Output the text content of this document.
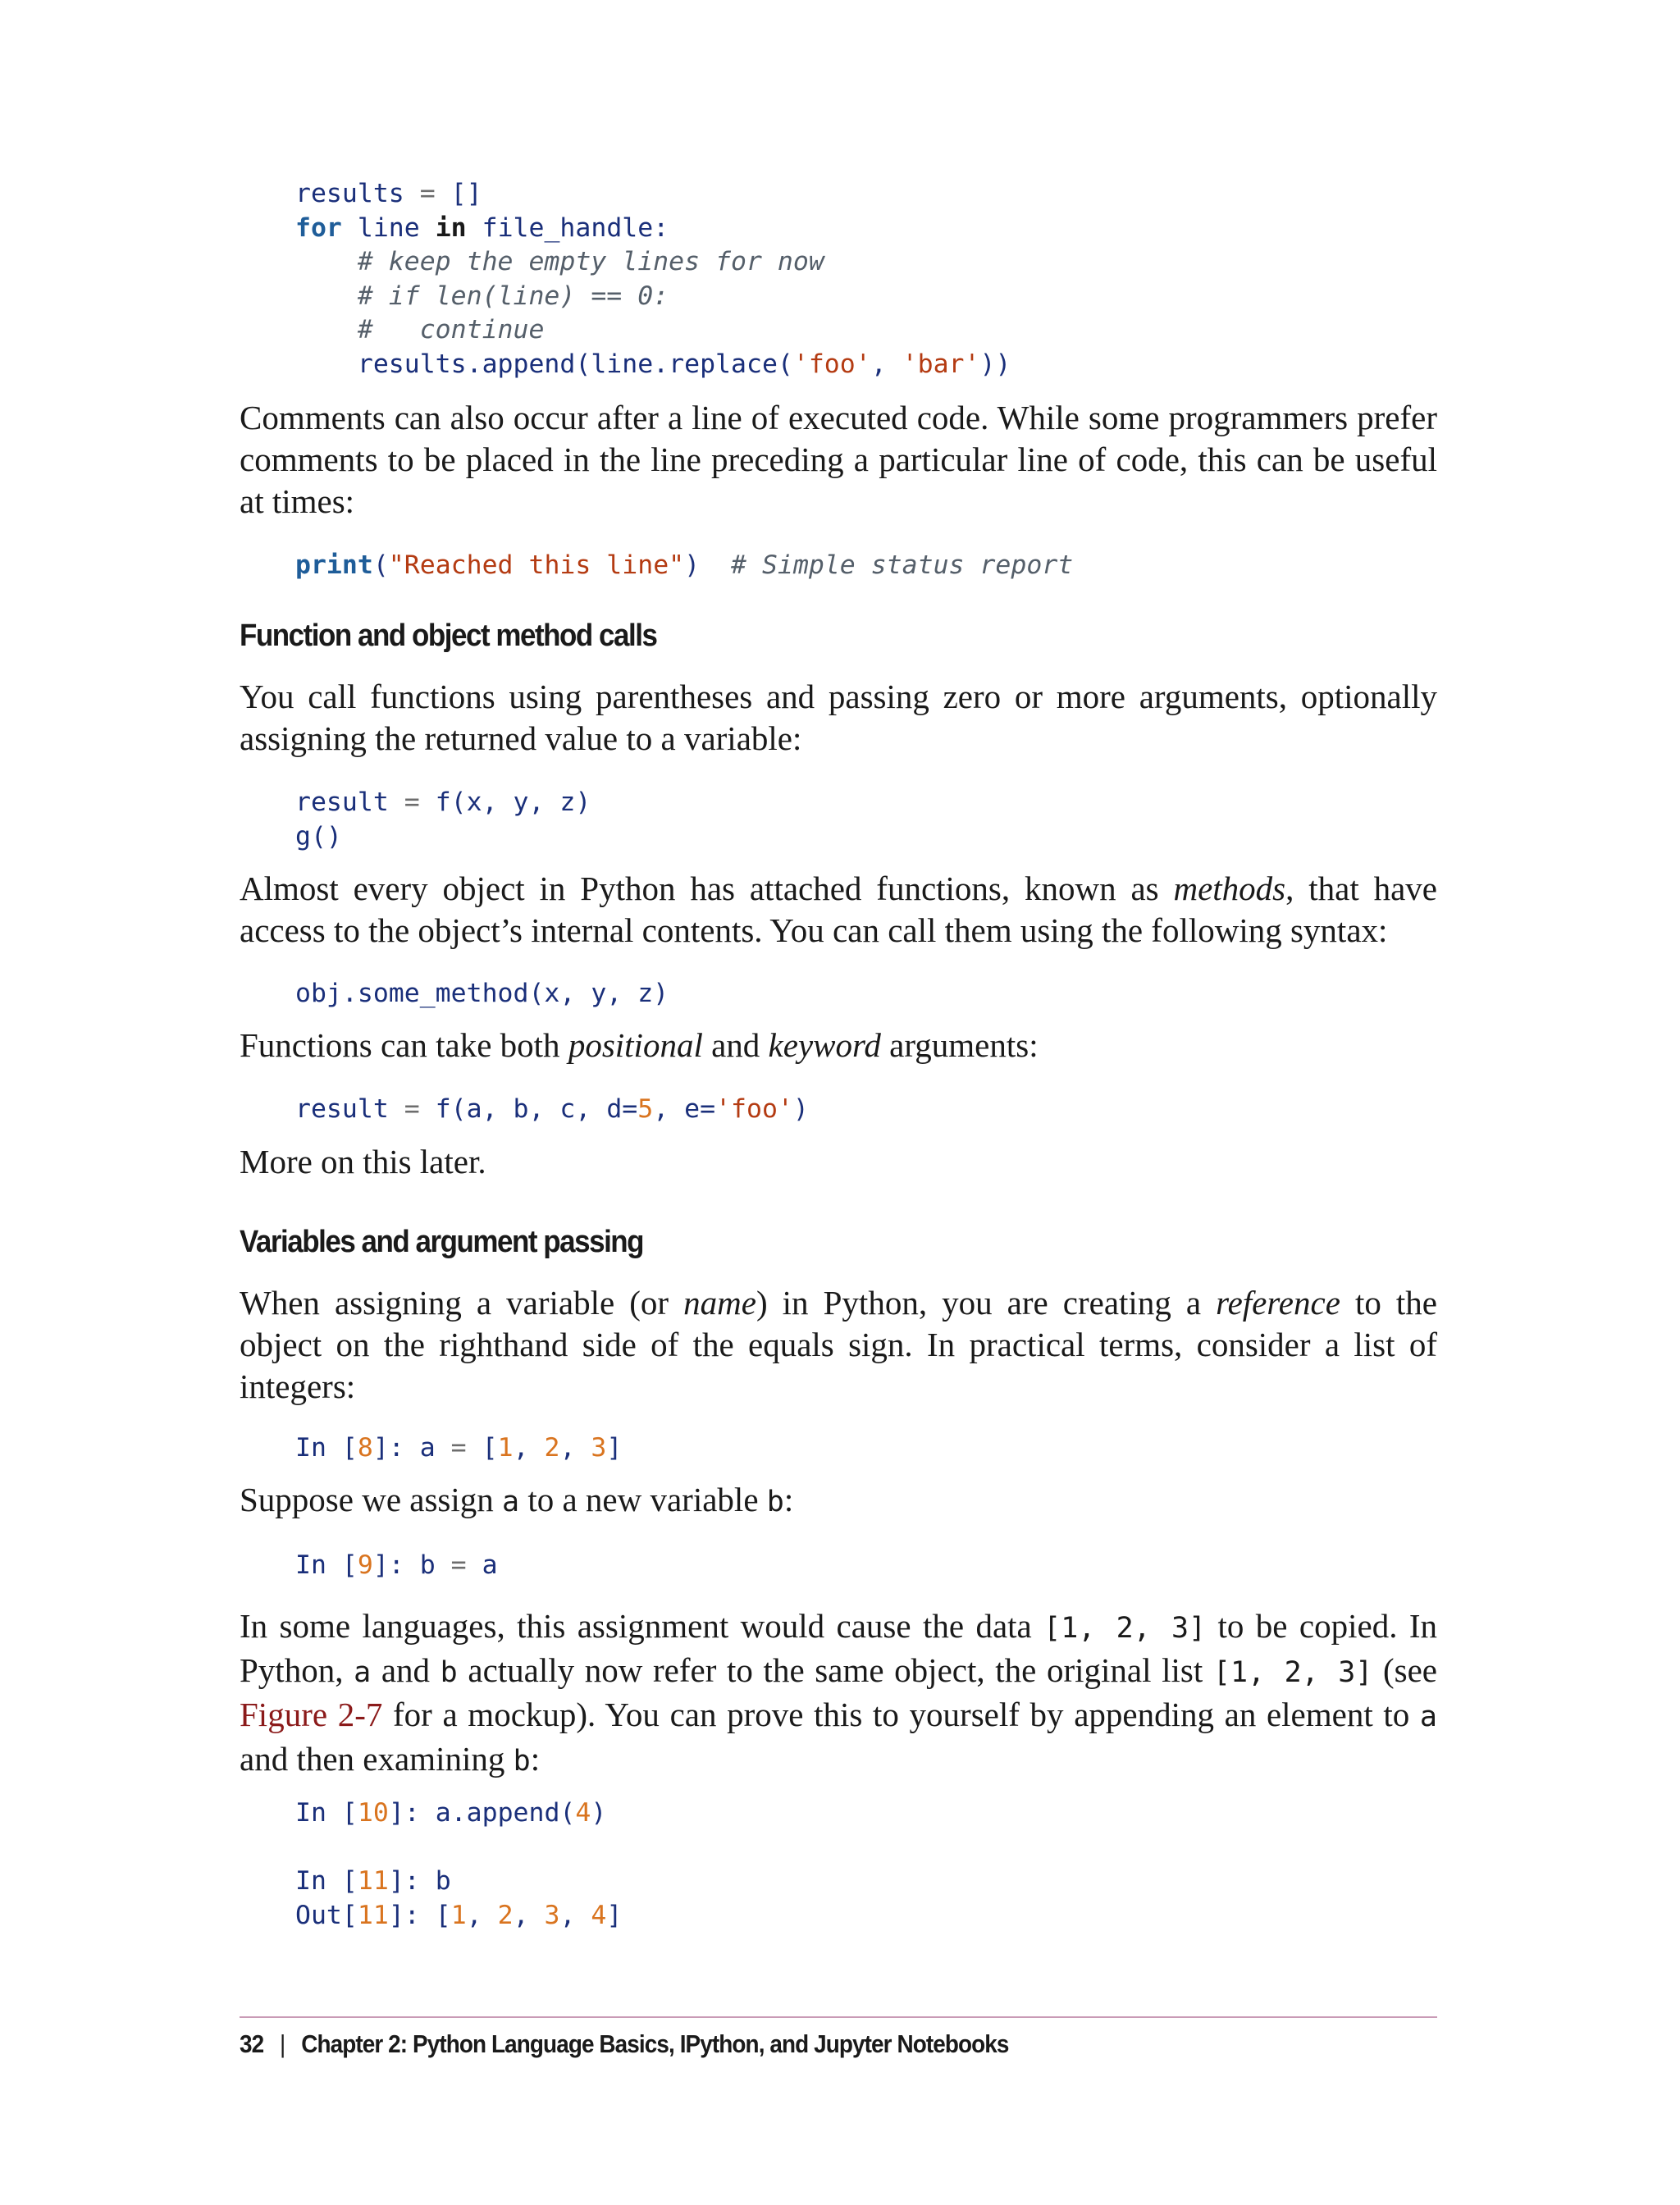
results = []
for line in file_handle:
# keep the empty lines for now
# if len(line) == 0:
#   continue
results.append(line.replace('foo', 'bar'))

Comments can also occur after a line of executed code. While some programmers prefer comments to be placed in the line preceding a particular line of code, this can be useful at times:

print("Reached this line") # Simple status report
Function and object method calls

You call functions using parentheses and passing zero or more arguments, optionally assigning the returned value to a variable:

result = f(x, y, z)
g()

Almost every object in Python has attached functions, known as methods, that have access to the object’s internal contents. You can call them using the following syntax:

obj.some_method(x, y, z)

Functions can take both positional and keyword arguments:

result = f(a, b, c, d=5, e='foo')

More on this later.

Variables and argument passing

When assigning a variable (or name) in Python, you are creating a reference to the object on the righthand side of the equals sign. In practical terms, consider a list of integers:

In [8]: a = [1, 2, 3]

Suppose we assign a to a new variable b:

In [9]: b = a

In some languages, this assignment would cause the data [1, 2, 3] to be copied. In Python, a and b actually now refer to the same object, the original list [1, 2, 3] (see Figure 2-7 for a mockup). You can prove this to yourself by appending an element to a and then examining b:

In [10]: a.append(4)

In [11]: b
Out[11]: [1, 2, 3, 4]
32 | Chapter 2: Python Language Basics, IPython, and Jupyter Notebooks
